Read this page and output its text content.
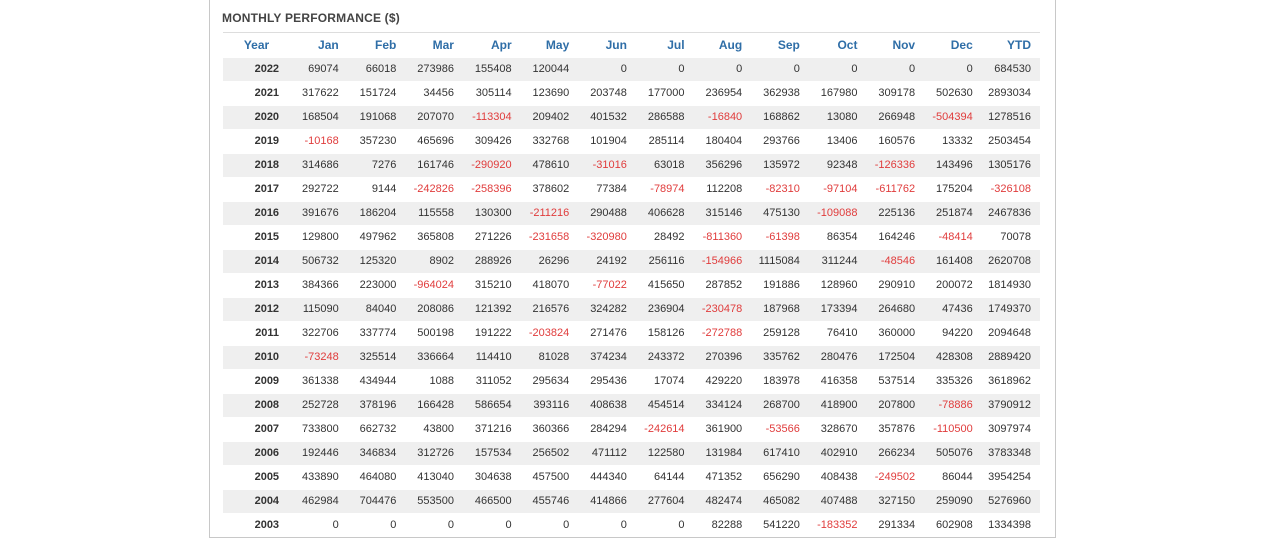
MONTHLY PERFORMANCE ($)
Year	Jan	Feb	Mar	Apr	May	Jun	Jul	Aug	Sep	Oct	Nov	Dec	YTD
2022	69074	66018	273986	155408	120044	0	0	0	0	0	0	0	684530
2021	317622	151724	34456	305114	123690	203748	177000	236954	362938	167980	309178	502630	2893034
2020	168504	191068	207070	-113304	209402	401532	286588	-16840	168862	13080	266948	-504394	1278516
2019	-10168	357230	465696	309426	332768	101904	285114	180404	293766	13406	160576	13332	2503454
2018	314686	7276	161746	-290920	478610	-31016	63018	356296	135972	92348	-126336	143496	1305176
2017	292722	9144	-242826	-258396	378602	77384	-78974	112208	-82310	-97104	-611762	175204	-326108
2016	391676	186204	115558	130300	-211216	290488	406628	315146	475130	-109088	225136	251874	2467836
2015	129800	497962	365808	271226	-231658	-320980	28492	-811360	-61398	86354	164246	-48414	70078
2014	506732	125320	8902	288926	26296	24192	256116	-154966	1115084	311244	-48546	161408	2620708
2013	384366	223000	-964024	315210	418070	-77022	415650	287852	191886	128960	290910	200072	1814930
2012	115090	84040	208086	121392	216576	324282	236904	-230478	187968	173394	264680	47436	1749370
2011	322706	337774	500198	191222	-203824	271476	158126	-272788	259128	76410	360000	94220	2094648
2010	-73248	325514	336664	114410	81028	374234	243372	270396	335762	280476	172504	428308	2889420
2009	361338	434944	1088	311052	295634	295436	17074	429220	183978	416358	537514	335326	3618962
2008	252728	378196	166428	586654	393116	408638	454514	334124	268700	418900	207800	-78886	3790912
2007	733800	662732	43800	371216	360366	284294	-242614	361900	-53566	328670	357876	-110500	3097974
2006	192446	346834	312726	157534	256502	471112	122580	131984	617410	402910	266234	505076	3783348
2005	433890	464080	413040	304638	457500	444340	64144	471352	656290	408438	-249502	86044	3954254
2004	462984	704476	553500	466500	455746	414866	277604	482474	465082	407488	327150	259090	5276960
2003	0	0	0	0	0	0	0	82288	541220	-183352	291334	602908	1334398
